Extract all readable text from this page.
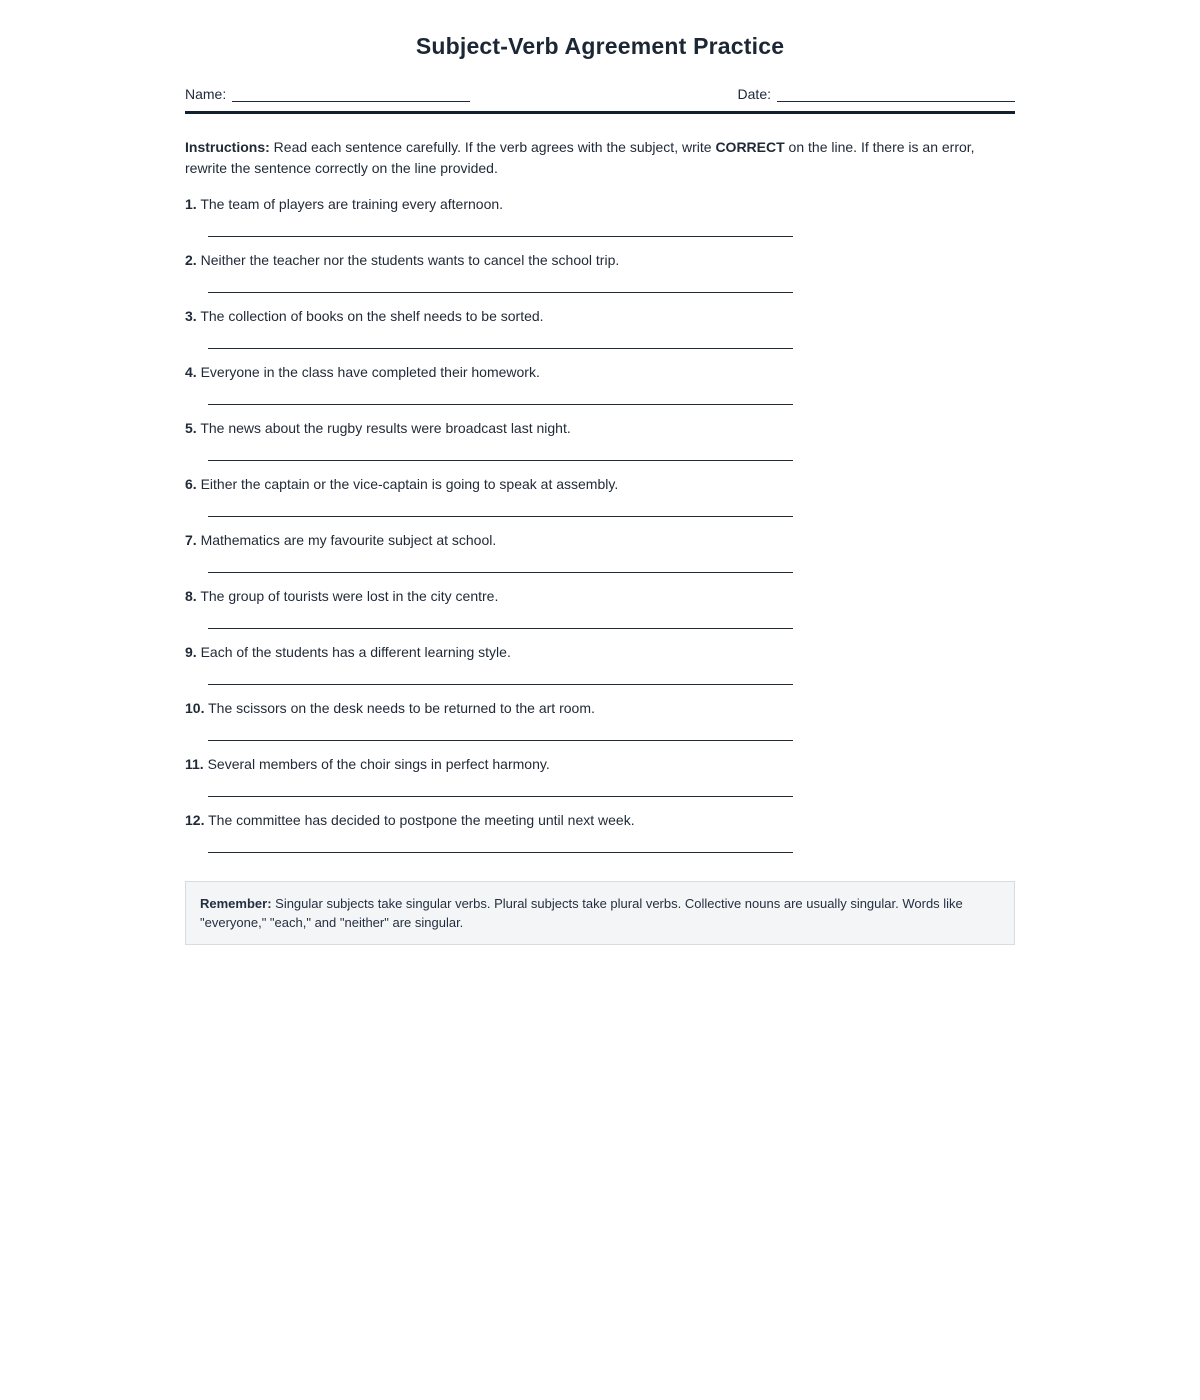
Subject-Verb Agreement Practice
Name:	Date:

Instructions: Read each sentence carefully. If the verb agrees with the subject, write CORRECT on the line. If there is an error, rewrite the sentence correctly on the line provided.

1. The team of players are training every afternoon.

2. Neither the teacher nor the students wants to cancel the school trip.

3. The collection of books on the shelf needs to be sorted.

4. Everyone in the class have completed their homework.

5. The news about the rugby results were broadcast last night.

6. Either the captain or the vice-captain is going to speak at assembly.

7. Mathematics are my favourite subject at school.

8. The group of tourists were lost in the city centre.

9. Each of the students has a different learning style.

10. The scissors on the desk needs to be returned to the art room.

11. Several members of the choir sings in perfect harmony.

12. The committee has decided to postpone the meeting until next week.

Remember: Singular subjects take singular verbs. Plural subjects take plural verbs. Collective nouns are usually singular. Words like "everyone," "each," and "neither" are singular.
